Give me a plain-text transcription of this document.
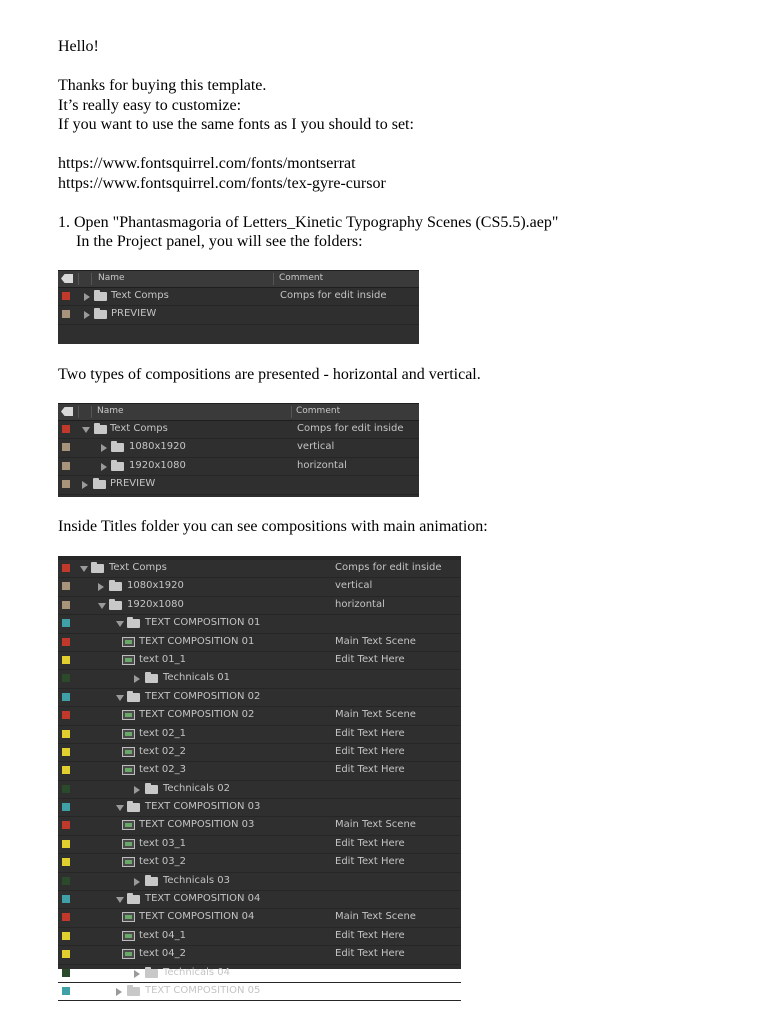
Hello!
Thanks for buying this template.
It’s really easy to customize:
If you want to use the same fonts as I you should to set:
https://www.fontsquirrel.com/fonts/montserrat
https://www.fontsquirrel.com/fonts/tex-gyre-cursor
1. Open "Phantasmagoria of Letters_Kinetic Typography Scenes (CS5.5).aep"
In the Project panel, you will see the folders:
Name	Comment
Text Comps	Comps for edit inside
PREVIEW
Two types of compositions are presented - horizontal and vertical.
Name	Comment
Text Comps	Comps for edit inside
1080x1920	vertical
1920x1080	horizontal
PREVIEW
Inside Titles folder you can see compositions with main animation:
Text Comps	Comps for edit inside
1080x1920	vertical
1920x1080	horizontal
TEXT COMPOSITION 01
TEXT COMPOSITION 01	Main Text Scene
text 01_1	Edit Text Here
Technicals 01
TEXT COMPOSITION 02
TEXT COMPOSITION 02	Main Text Scene
text 02_1	Edit Text Here
text 02_2	Edit Text Here
text 02_3	Edit Text Here
Technicals 02
TEXT COMPOSITION 03
TEXT COMPOSITION 03	Main Text Scene
text 03_1	Edit Text Here
text 03_2	Edit Text Here
Technicals 03
TEXT COMPOSITION 04
TEXT COMPOSITION 04	Main Text Scene
text 04_1	Edit Text Here
text 04_2	Edit Text Here
Technicals 04
TEXT COMPOSITION 05
